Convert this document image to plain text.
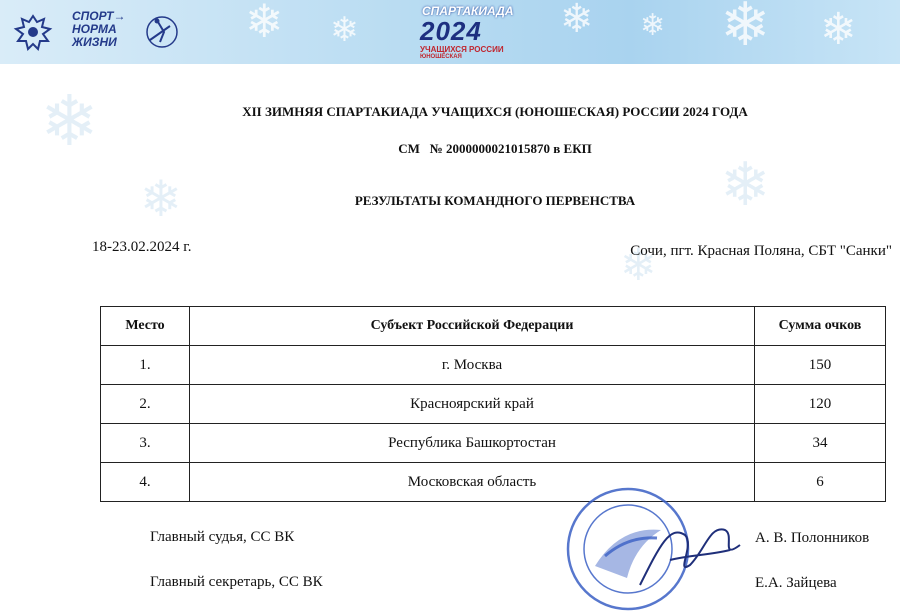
❄ ❄	❄ ❄ ❄ ❄
СПОРТ→
НОРМА
ЖИЗНИ
СПАРТАКИАДА
2024
УЧАЩИХСЯ РОССИИ
ЮНОШЕСКАЯ
❄
❄	❄
❄
XII ЗИМНЯЯ СПАРТАКИАДА УЧАЩИХСЯ (ЮНОШЕСКАЯ) РОССИИ 2024 ГОДА
СМ № 2000000021015870 в ЕКП
РЕЗУЛЬТАТЫ КОМАНДНОГО ПЕРВЕНСТВА
18-23.02.2024 г.	Сочи, пгт. Красная Поляна, СБТ "Санки"
Место	Субъект Российской Федерации	Сумма очков
1.	г. Москва	150
2.	Красноярский край	120
3.	Республика Башкортостан	34
4.	Московская область	6
Главный судья, СС ВК	А. В. Полонников
Главный секретарь, СС ВК	Е.А. Зайцева
